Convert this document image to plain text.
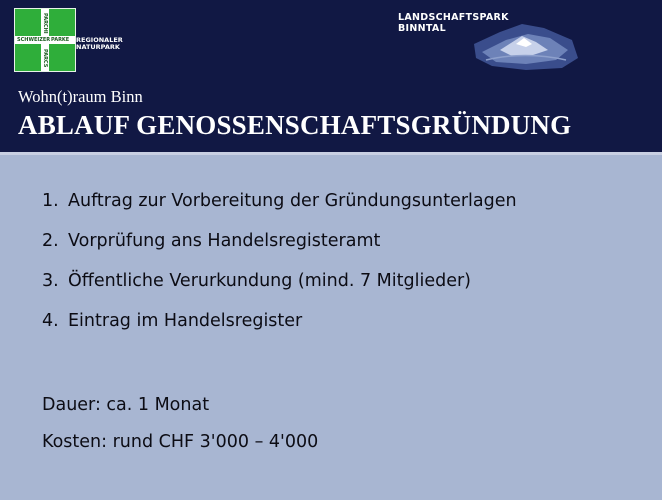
SCHWEIZER PARKE
PARCHI
PARCS
REGIONALER
NATURPARK
LANDSCHAFTSPARK
BINNTAL
Wohn(t)raum Binn
ABLAUF GENOSSENSCHAFTSGRÜNDUNG
1. Auftrag zur Vorbereitung der Gründungsunterlagen
2. Vorprüfung ans Handelsregisteramt
3. Öffentliche Verurkundung (mind. 7 Mitglieder)
4. Eintrag im Handelsregister
Dauer: ca. 1 Monat
Kosten: rund CHF 3'000 – 4'000
